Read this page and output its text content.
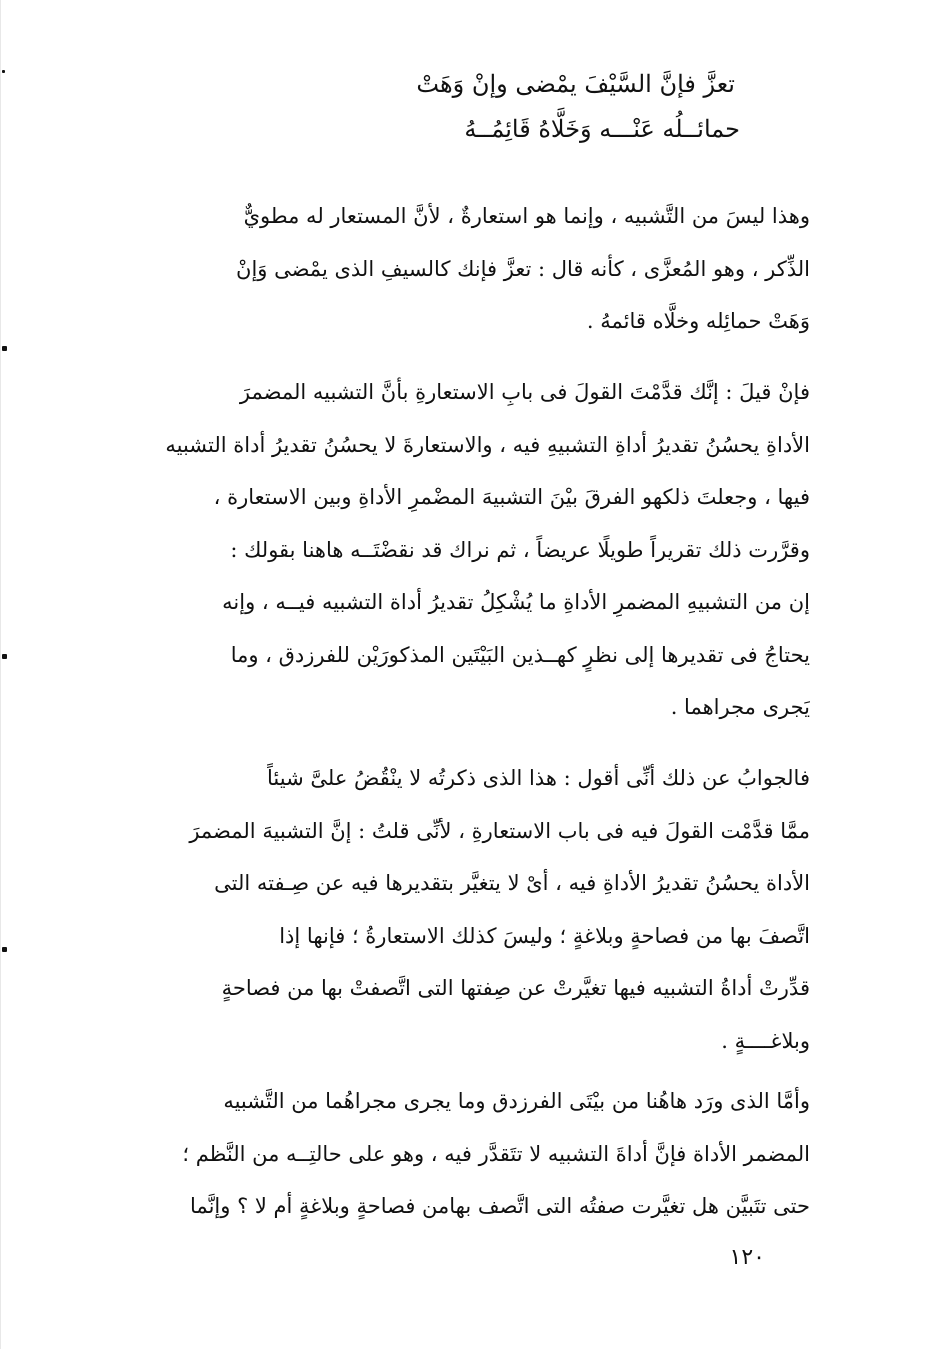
تعزَّ فإنَّ السَّيْفَ يمْضى وإنْ وَهَتْ
حمائــلُه عَنْـــه وَخَلَّاهُ قَائِمُــهُ
وهذا ليسَ من التَّشبيه ، وإنما هو استعارةٌ ، لأنَّ المستعار له مطويٌّ
الذِّكر ، وهو المُعزَّى ، كأنه قال : تعزَّ فإنك كالسيفِ الذى يمْضى وَإنْ
وَهَتْ حمائِله وخلَّاه قائمهُ .
فإنْ قيلَ : إنَّك قدَّمْتَ القولَ فى بابِ الاستعارةِ بأنَّ التشبيه المضمرَ
الأداةِ يحسُنُ تقديرُ أداةِ التشبيهِ فيه ، والاستعارةَ لا يحسُنُ تقديرُ أداة التشبيه
فيها ، وجعلتَ ذلكهو الفرقَ بيْنَ التشبيهَ المضْمرِ الأداةِ وبين الاستعارة ،
وقرَّرت ذلك تقريراً طويلًا عريضاً ، ثم نراك قد نقضْتَــه هاهنا بقولك :
إن من التشبيهِ المضمرِ الأداةِ ما يُشْكِلُ تقديرُ أداة التشبيه فيــه ، وإنه
يحتاجُ فى تقديرها إلى نظرٍ كهــذين البَيْتَين المذكورَيْن للفرزدق ، وما
يَجرى مجراهما .
فالجوابُ عن ذلك أنِّى أقول : هذا الذى ذكرتُه لا ينْقُضُ علىَّ شيئاً
ممَّا قدَّمْت القولَ فيه فى باب الاستعارةِ ، لأنِّى قلتُ : إنَّ التشبيهَ المضمرَ
الأداة يحسُنُ تقديرُ الأداةِ فيه ، أىْ لا يتغيَّر بتقديرها فيه عن صِـفته التى
اتَّصفَ بها من فصاحةٍ وبلاغةٍ ؛ وليسَ كذلك الاستعارةُ ؛ فإنها إذا
قدِّرتْ أداةُ التشبيه فيها تغيَّرتْ عن صِفتها التى اتَّصفتْ بها من فصاحةٍ
وبلاغــــةٍ .
وأمَّا الذى ورَد هاهُنا من بيْتَى الفرزدق وما يجرى مجراهُما من التَّشبيه
المضمر الأداة فإنَّ أداةَ التشبيه لا تتَقدَّر فيه ، وهو على حالتِــه من النَّظم ؛
حتى تتَبيَّن هل تغيَّرت صفتُه التى اتَّصف بهامن فصاحةٍ وبلاغةٍ أم لا ؟ وإنَّما
١٢٠
